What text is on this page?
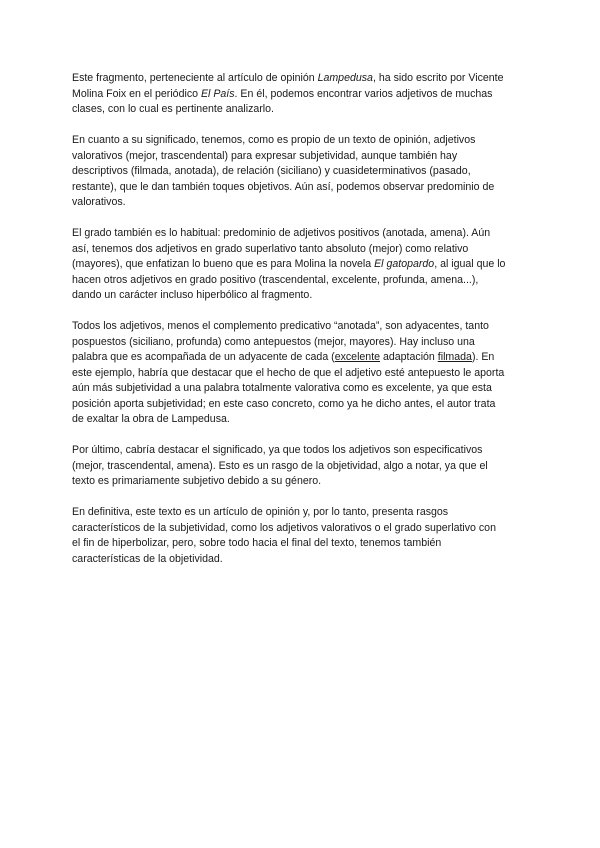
Este fragmento, perteneciente al artículo de opinión Lampedusa, ha sido escrito por Vicente
Molina Foix en el periódico El País. En él, podemos encontrar varios adjetivos de muchas
clases, con lo cual es pertinente analizarlo.

En cuanto a su significado, tenemos, como es propio de un texto de opinión, adjetivos
valorativos (mejor, trascendental) para expresar subjetividad, aunque también hay
descriptivos (filmada, anotada), de relación (siciliano) y cuasideterminativos (pasado,
restante), que le dan también toques objetivos. Aún así, podemos observar predominio de
valorativos.

El grado también es lo habitual: predominio de adjetivos positivos (anotada, amena). Aún
así, tenemos dos adjetivos en grado superlativo tanto absoluto (mejor) como relativo
(mayores), que enfatizan lo bueno que es para Molina la novela El gatopardo, al igual que lo
hacen otros adjetivos en grado positivo (trascendental, excelente, profunda, amena...),
dando un carácter incluso hiperbólico al fragmento.

Todos los adjetivos, menos el complemento predicativo “anotada”, son adyacentes, tanto
pospuestos (siciliano, profunda) como antepuestos (mejor, mayores). Hay incluso una
palabra que es acompañada de un adyacente de cada (excelente adaptación filmada). En
este ejemplo, habría que destacar que el hecho de que el adjetivo esté antepuesto le aporta
aún más subjetividad a una palabra totalmente valorativa como es excelente, ya que esta
posición aporta subjetividad; en este caso concreto, como ya he dicho antes, el autor trata
de exaltar la obra de Lampedusa.

Por último, cabría destacar el significado, ya que todos los adjetivos son especificativos
(mejor, trascendental, amena). Esto es un rasgo de la objetividad, algo a notar, ya que el
texto es primariamente subjetivo debido a su género.

En definitiva, este texto es un artículo de opinión y, por lo tanto, presenta rasgos
característicos de la subjetividad, como los adjetivos valorativos o el grado superlativo con
el fin de hiperbolizar, pero, sobre todo hacia el final del texto, tenemos también
características de la objetividad.
